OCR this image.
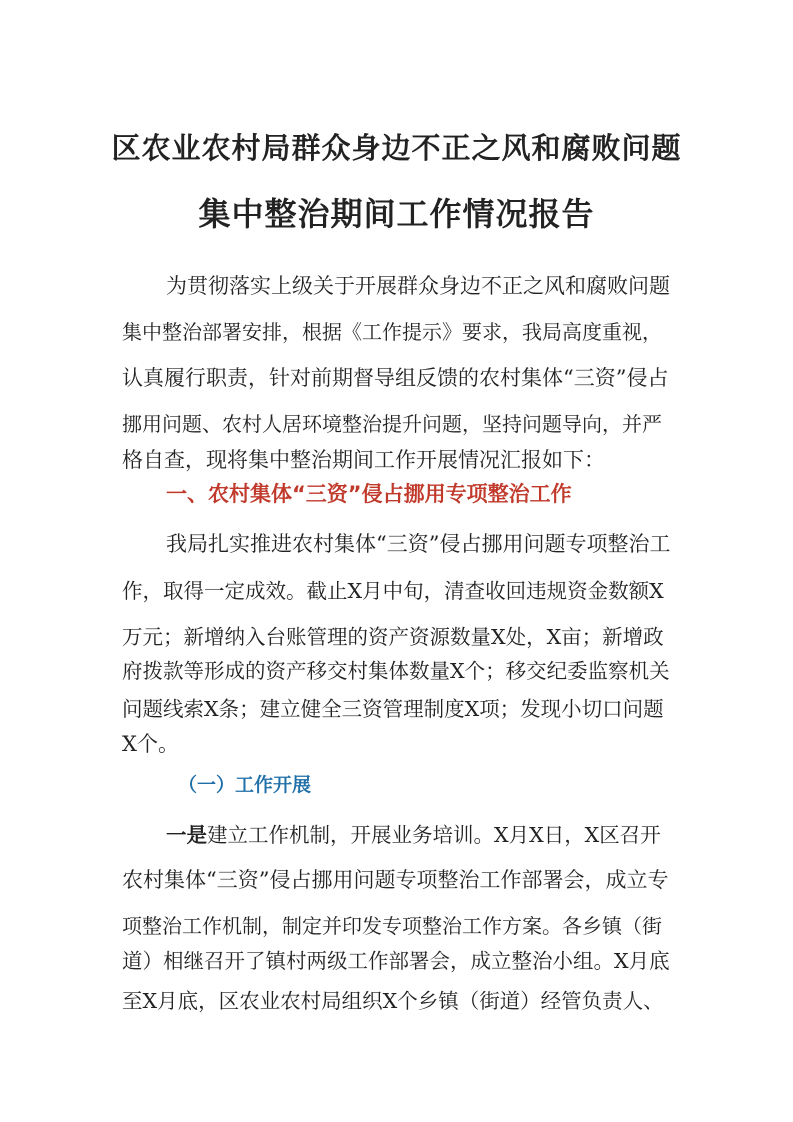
区农业农村局群众身边不正之风和腐败问题
集中整治期间工作情况报告
为贯彻落实上级关于开展群众身边不正之风和腐败问题
集中整治部署安排，根据《工作提示》要求，我局高度重视，
认真履行职责，针对前期督导组反馈的农村集体“三资”侵占
挪用问题、农村人居环境整治提升问题，坚持问题导向，并严
格自查，现将集中整治期间工作开展情况汇报如下：
一、农村集体“三资”侵占挪用专项整治工作
我局扎实推进农村集体“三资”侵占挪用问题专项整治工
作，取得一定成效。截止X月中旬，清查收回违规资金数额X
万元；新增纳入台账管理的资产资源数量X处，X亩；新增政
府拨款等形成的资产移交村集体数量X个；移交纪委监察机关
问题线索X条；建立健全三资管理制度X项；发现小切口问题
X个。
（一）工作开展
一是建立工作机制，开展业务培训。X月X日，X区召开
农村集体“三资”侵占挪用问题专项整治工作部署会，成立专
项整治工作机制，制定并印发专项整治工作方案。各乡镇（街
道）相继召开了镇村两级工作部署会，成立整治小组。X月底
至X月底，区农业农村局组织X个乡镇（街道）经管负责人、
